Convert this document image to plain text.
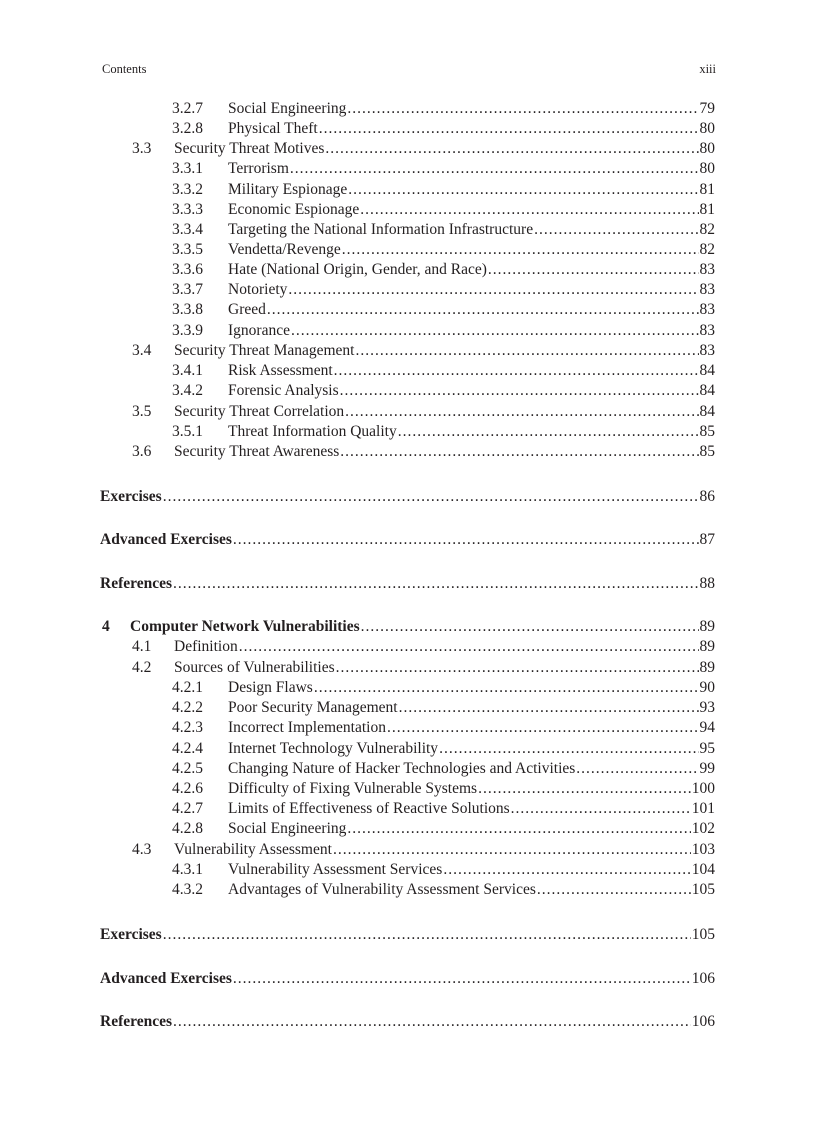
Contents	xiii
3.2.7 Social Engineering .....	79
3.2.8 Physical Theft .....	80
3.3 Security Threat Motives .....	80
3.3.1 Terrorism .....	80
3.3.2 Military Espionage .....	81
3.3.3 Economic Espionage .....	81
3.3.4 Targeting the National Information Infrastructure .....	82
3.3.5 Vendetta/Revenge .....	82
3.3.6 Hate (National Origin, Gender, and Race) .....	83
3.3.7 Notoriety .....	83
3.3.8 Greed .....	83
3.3.9 Ignorance .....	83
3.4 Security Threat Management .....	83
3.4.1 Risk Assessment .....	84
3.4.2 Forensic Analysis .....	84
3.5 Security Threat Correlation .....	84
3.5.1 Threat Information Quality .....	85
3.6 Security Threat Awareness .....	85
Exercises .....	86
Advanced Exercises .....	87
References .....	88
4 Computer Network Vulnerabilities .....	89
4.1 Definition .....	89
4.2 Sources of Vulnerabilities .....	89
4.2.1 Design Flaws .....	90
4.2.2 Poor Security Management .....	93
4.2.3 Incorrect Implementation .....	94
4.2.4 Internet Technology Vulnerability .....	95
4.2.5 Changing Nature of Hacker Technologies and Activities .....	99
4.2.6 Difficulty of Fixing Vulnerable Systems .....	100
4.2.7 Limits of Effectiveness of Reactive Solutions .....	101
4.2.8 Social Engineering .....	102
4.3 Vulnerability Assessment .....	103
4.3.1 Vulnerability Assessment Services .....	104
4.3.2 Advantages of Vulnerability Assessment Services .....	105
Exercises .....	105
Advanced Exercises .....	106
References .....	106
